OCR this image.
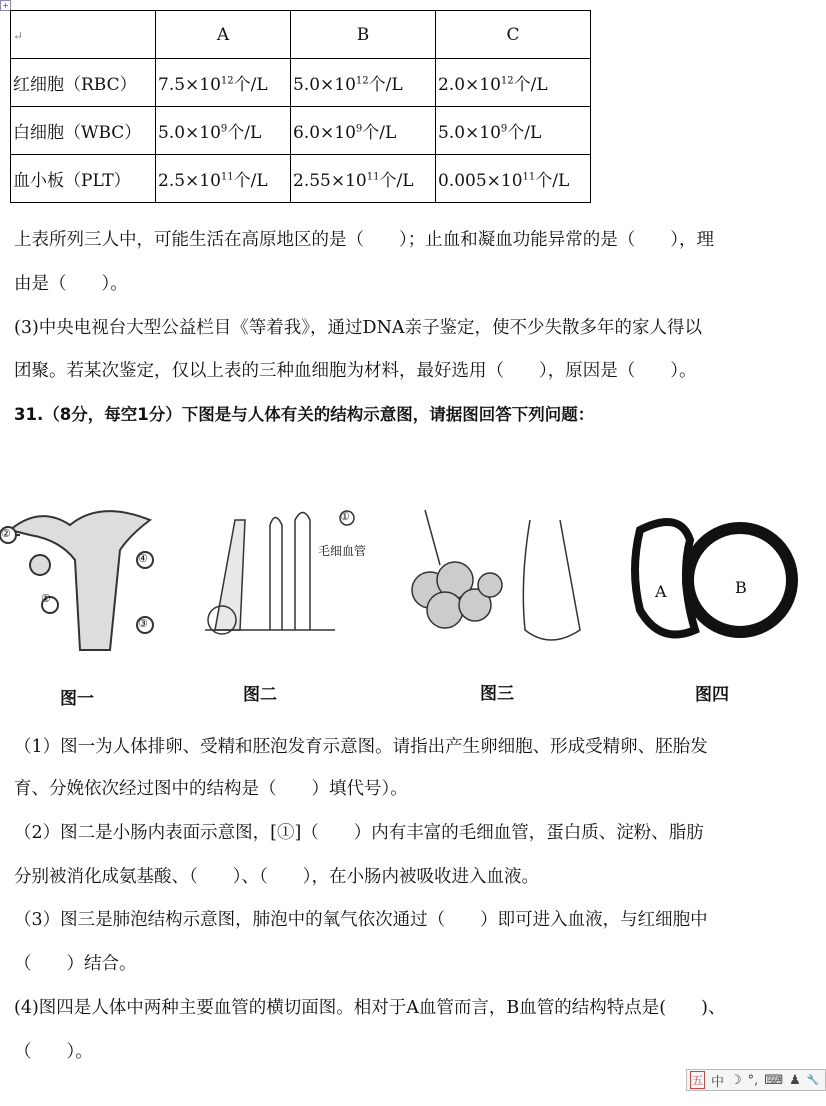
+
↵	A	B	C
红细胞（RBC）	$7.5\times 10^{12}$个/L	$5.0\times 10^{12}$个/L	$2.0\times 10^{12}$个/L
白细胞（WBC）	$5.0\times 10^9$个/L	$6.0\times 10^9$个/L	$5.0\times 10^9$个/L
血小板（PLT）	$2.5\times 10^{11}$个/L	$2.55\times 10^{11}$个/L	$0.005\times 10^{11}$个/L
上表所列三人中，可能生活在高原地区的是（　　）；止血和凝血功能异常的是（　　），理
由是（　　）。
(3)中央电视台大型公益栏目《等着我》，通过DNA亲子鉴定，使不少失散多年的家人得以
团聚。若某次鉴定，仅以上表的三种血细胞为材料，最好选用（　　），原因是（　　）。
31.（8分，每空1分）下图是与人体有关的结构示意图，请据图回答下列问题：
①
②
③
④
①
毛细血管
A	B
图一	图二	图三	图四
（1）图一为人体排卵、受精和胚泡发育示意图。请指出产生卵细胞、形成受精卵、胚胎发
育、分娩依次经过图中的结构是（　　）填代号）。
（2）图二是小肠内表面示意图，[①]（　　）内有丰富的毛细血管，蛋白质、淀粉、脂肪
分别被消化成氨基酸、（　　）、（　　），在小肠内被吸收进入血液。
（3）图三是肺泡结构示意图，肺泡中的氧气依次通过（　　）即可进入血液，与红细胞中
（　　）结合。
(4)图四是人体中两种主要血管的横切面图。相对于A血管而言，B血管的结构特点是(　　)、
（　　）。
五 中 ☽ °, ⌨ ♟ 🔧
